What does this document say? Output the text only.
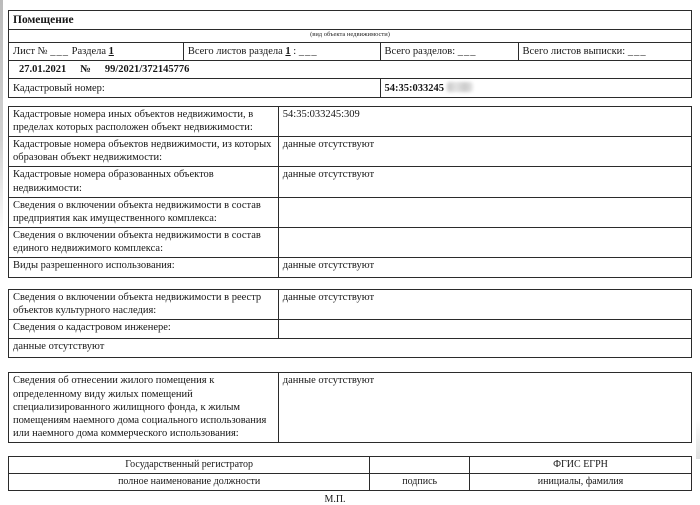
Помещение			
(вид объекта недвижимости)			
Лист № ___ Раздела 1	Всего листов раздела 1 : ___	Всего разделов: ___	Всего листов выписки: ___
27.01.2021 № 99/2021/372145776			
Кадастровый номер:		54:35:033245	
Кадастровые номера иных объектов недвижимости, в пределах которых расположен объект недвижимости:	54:35:033245:309
Кадастровые номера объектов недвижимости, из которых образован объект недвижимости:	данные отсутствуют
Кадастровые номера образованных объектов недвижимости:	данные отсутствуют
Сведения о включении объекта недвижимости в состав предприятия как имущественного комплекса:	
Сведения о включении объекта недвижимости в состав единого недвижимого комплекса:	
Виды разрешенного использования:	данные отсутствуют
Сведения о включении объекта недвижимости в реестр объектов культурного наследия:	данные отсутствуют
Сведения о кадастровом инженере:	
данные отсутствуют	
Сведения об отнесении жилого помещения к определенному виду жилых помещений специализированного жилищного фонда, к жилым помещениям наемного дома социального использования или наемного дома коммерческого использования:	данные отсутствуют
Государственный регистратор		ФГИС ЕГРН
полное наименование должности	подпись	инициалы, фамилия
М.П.
